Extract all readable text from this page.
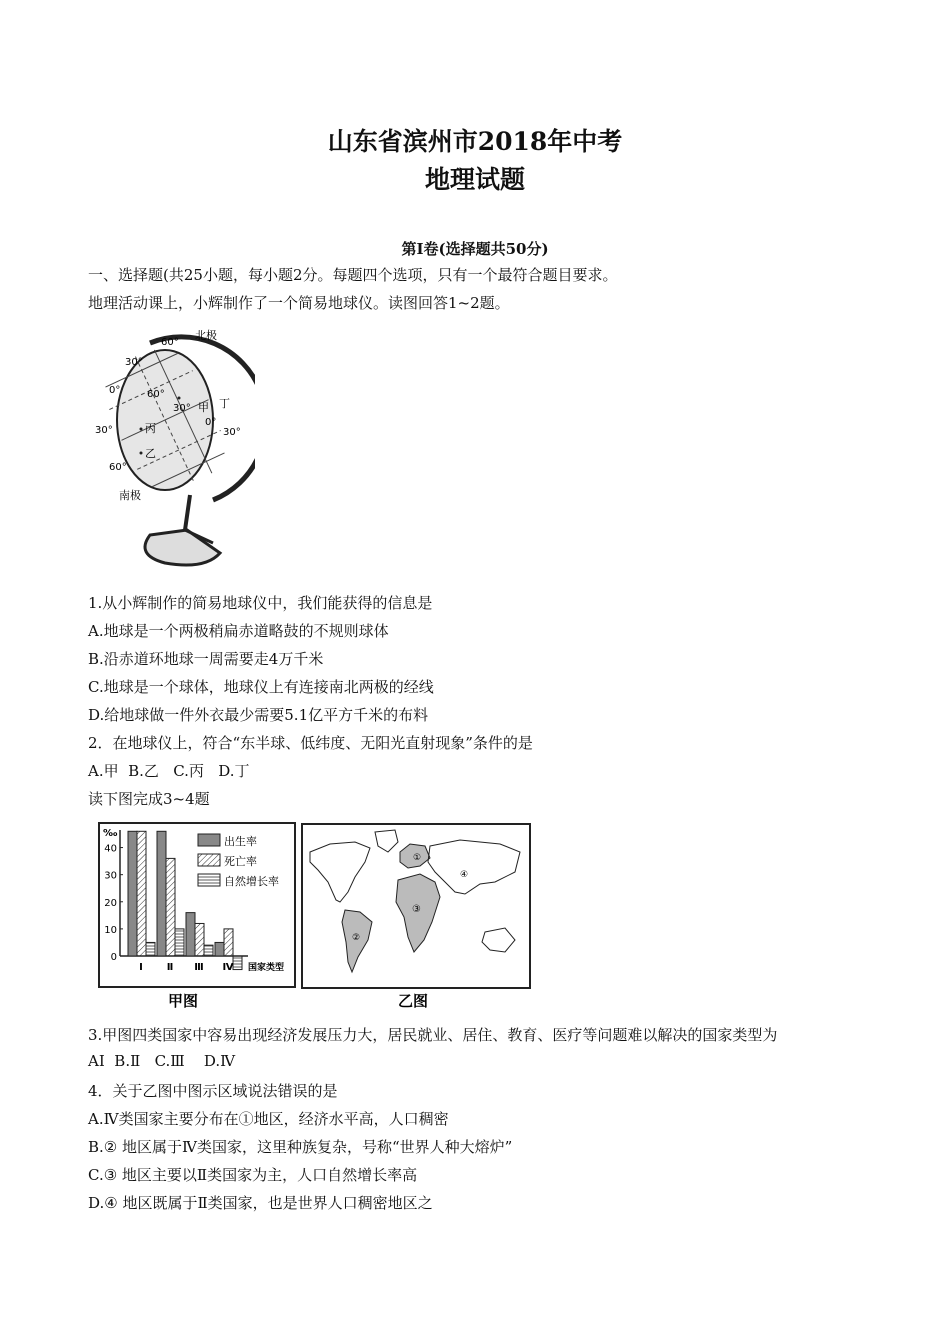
山东省滨州市2018年中考
地理试题
第Ⅰ卷(选择题共50分)
一、选择题(共25小题，每小题2分。每题四个选项，只有一个最符合题目要求。
地理活动课上，小辉制作了一个简易地球仪。读图回答1~2题。
北极
60°
30°
0°	60°
30° 甲 丁
0°
30°	丙	30°
乙
60°
南极
1.从小辉制作的简易地球仪中，我们能获得的信息是
A.地球是一个两极稍扁赤道略鼓的不规则球体
B.沿赤道环地球一周需要走4万千米
C.地球是一个球体，地球仪上有连接南北两极的经线
D.给地球做一件外衣最少需要5.1亿平方千米的布料
2．在地球仪上，符合“东半球、低纬度、无阳光直射现象”条件的是
A.甲  B.乙   C.丙   D.丁
读下图完成3~4题
0
10
20
30
40
Ⅰ Ⅱ Ⅲ Ⅳ 国家类型
出生率
死亡率
自然增长率
‰
甲图
①
②
③
④
乙图
3.甲图四类国家中容易出现经济发展压力大，居民就业、居住、教育、医疗等问题难以解决的国家类型为
AⅠ  B.Ⅱ   C.Ⅲ    D.Ⅳ
4．关于乙图中图示区域说法错误的是
A.Ⅳ类国家主要分布在①地区，经济水平高，人口稠密
B.② 地区属于Ⅳ类国家，这里种族复杂，号称“世界人种大熔炉”
C.③ 地区主要以Ⅱ类国家为主，人口自然增长率高
D.④ 地区既属于Ⅱ类国家，也是世界人口稠密地区之
